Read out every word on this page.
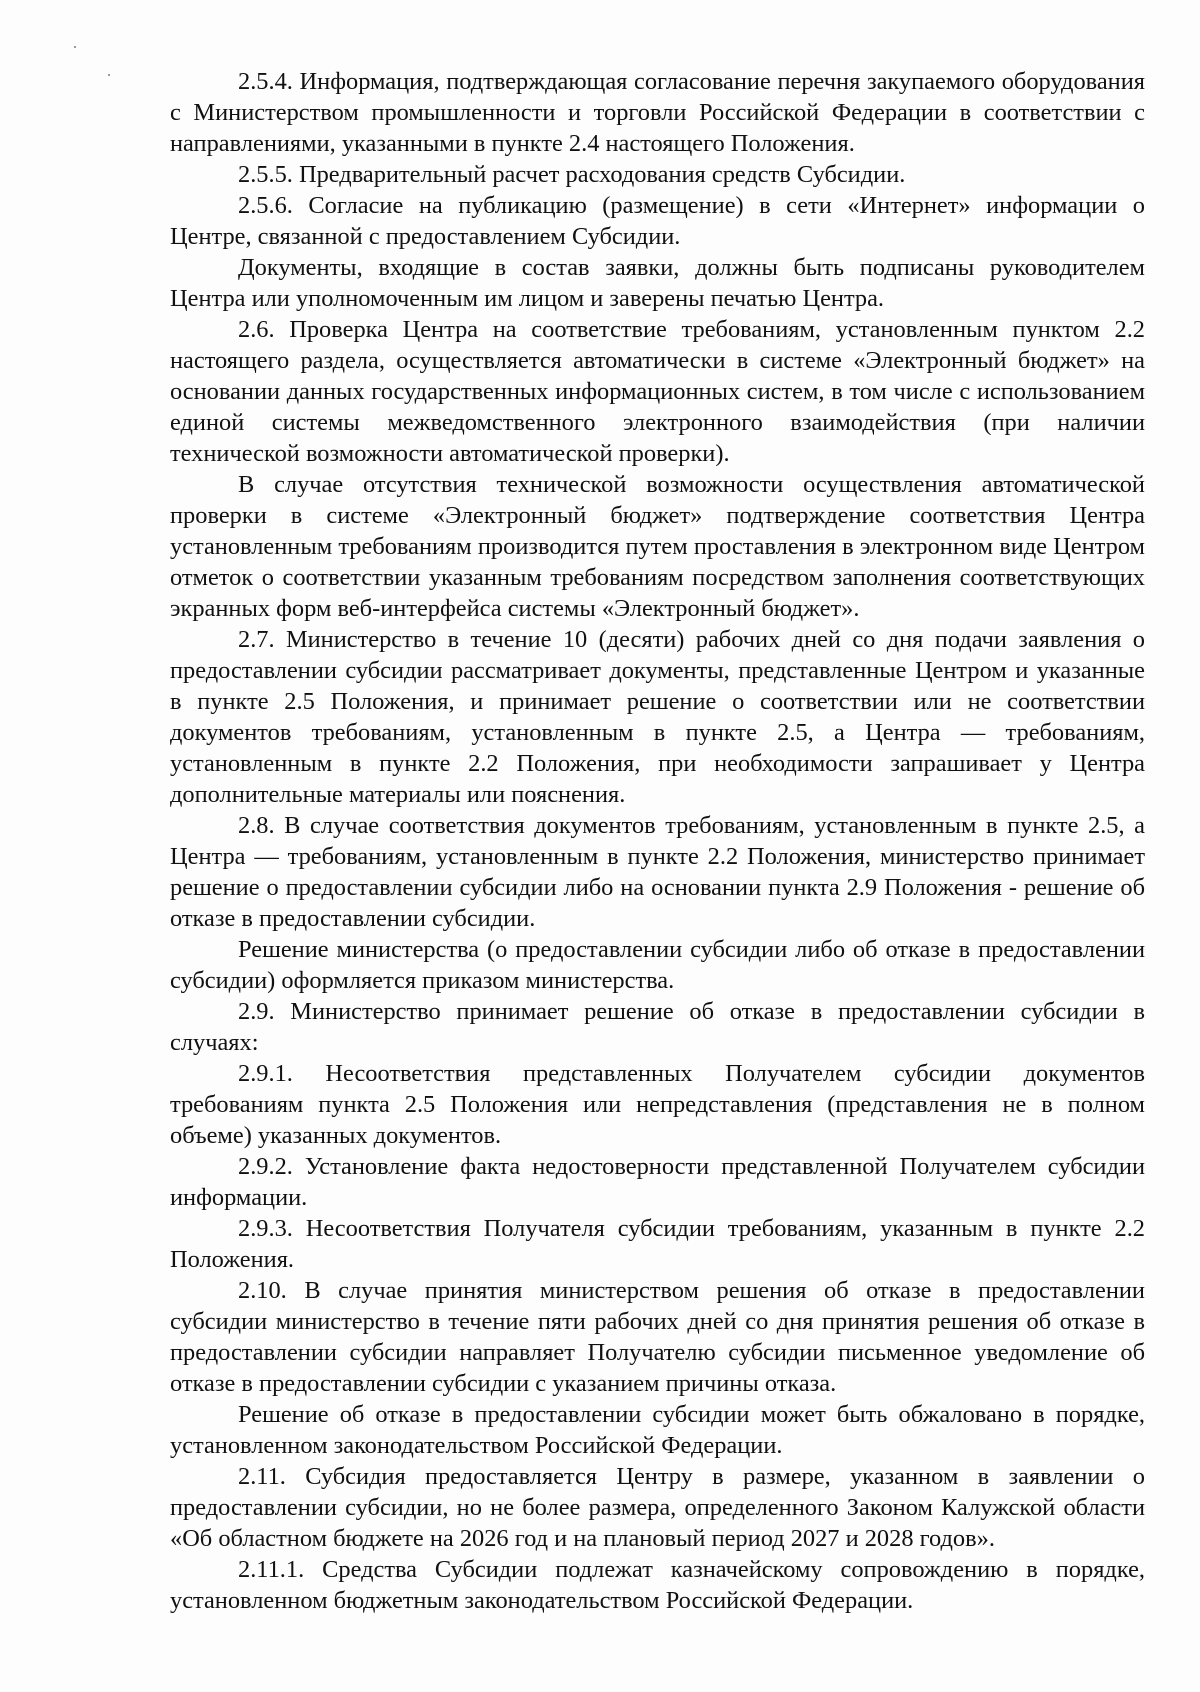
2.5.4. Информация, подтверждающая согласование перечня закупаемого оборудования с Министерством промышленности и торговли Российской Федерации в соответствии с направлениями, указанными в пункте 2.4 настоящего Положения.

2.5.5. Предварительный расчет расходования средств Субсидии.

2.5.6. Согласие на публикацию (размещение) в сети «Интернет» информации о Центре, связанной с предоставлением Субсидии.

Документы, входящие в состав заявки, должны быть подписаны руководителем Центра или уполномоченным им лицом и заверены печатью Центра.

2.6. Проверка Центра на соответствие требованиям, установленным пунктом 2.2 настоящего раздела, осуществляется автоматически в системе «Электронный бюджет» на основании данных государственных информационных систем, в том числе с использованием единой системы межведомственного электронного взаимодействия (при наличии технической возможности автоматической проверки).

В случае отсутствия технической возможности осуществления автоматической проверки в системе «Электронный бюджет» подтверждение соответствия Центра установленным требованиям производится путем проставления в электронном виде Центром отметок о соответствии указанным требованиям посредством заполнения соответствующих экранных форм веб-интерфейса системы «Электронный бюджет».

2.7. Министерство в течение 10 (десяти) рабочих дней со дня подачи заявления о предоставлении субсидии рассматривает документы, представленные Центром и указанные в пункте 2.5 Положения, и принимает решение о соответствии или не соответствии документов требованиям, установленным в пункте 2.5, а Центра — требованиям, установленным в пункте 2.2 Положения, при необходимости запрашивает у Центра дополнительные материалы или пояснения.

2.8. В случае соответствия документов требованиям, установленным в пункте 2.5, а Центра — требованиям, установленным в пункте 2.2 Положения, министерство принимает решение о предоставлении субсидии либо на основании пункта 2.9 Положения - решение об отказе в предоставлении субсидии.

Решение министерства (о предоставлении субсидии либо об отказе в предоставлении субсидии) оформляется приказом министерства.

2.9. Министерство принимает решение об отказе в предоставлении субсидии в случаях:

2.9.1. Несоответствия представленных Получателем субсидии документов требованиям пункта 2.5 Положения или непредставления (представления не в полном объеме) указанных документов.

2.9.2. Установление факта недостоверности представленной Получателем субсидии информации.

2.9.3. Несоответствия Получателя субсидии требованиям, указанным в пункте 2.2 Положения.

2.10. В случае принятия министерством решения об отказе в предоставлении субсидии министерство в течение пяти рабочих дней со дня принятия решения об отказе в предоставлении субсидии направляет Получателю субсидии письменное уведомление об отказе в предоставлении субсидии с указанием причины отказа.

Решение об отказе в предоставлении субсидии может быть обжаловано в порядке, установленном законодательством Российской Федерации.

2.11. Субсидия предоставляется Центру в размере, указанном в заявлении о предоставлении субсидии, но не более размера, определенного Законом Калужской области «Об областном бюджете на 2026 год и на плановый период 2027 и 2028 годов».

2.11.1. Средства Субсидии подлежат казначейскому сопровождению в порядке, установленном бюджетным законодательством Российской Федерации.
